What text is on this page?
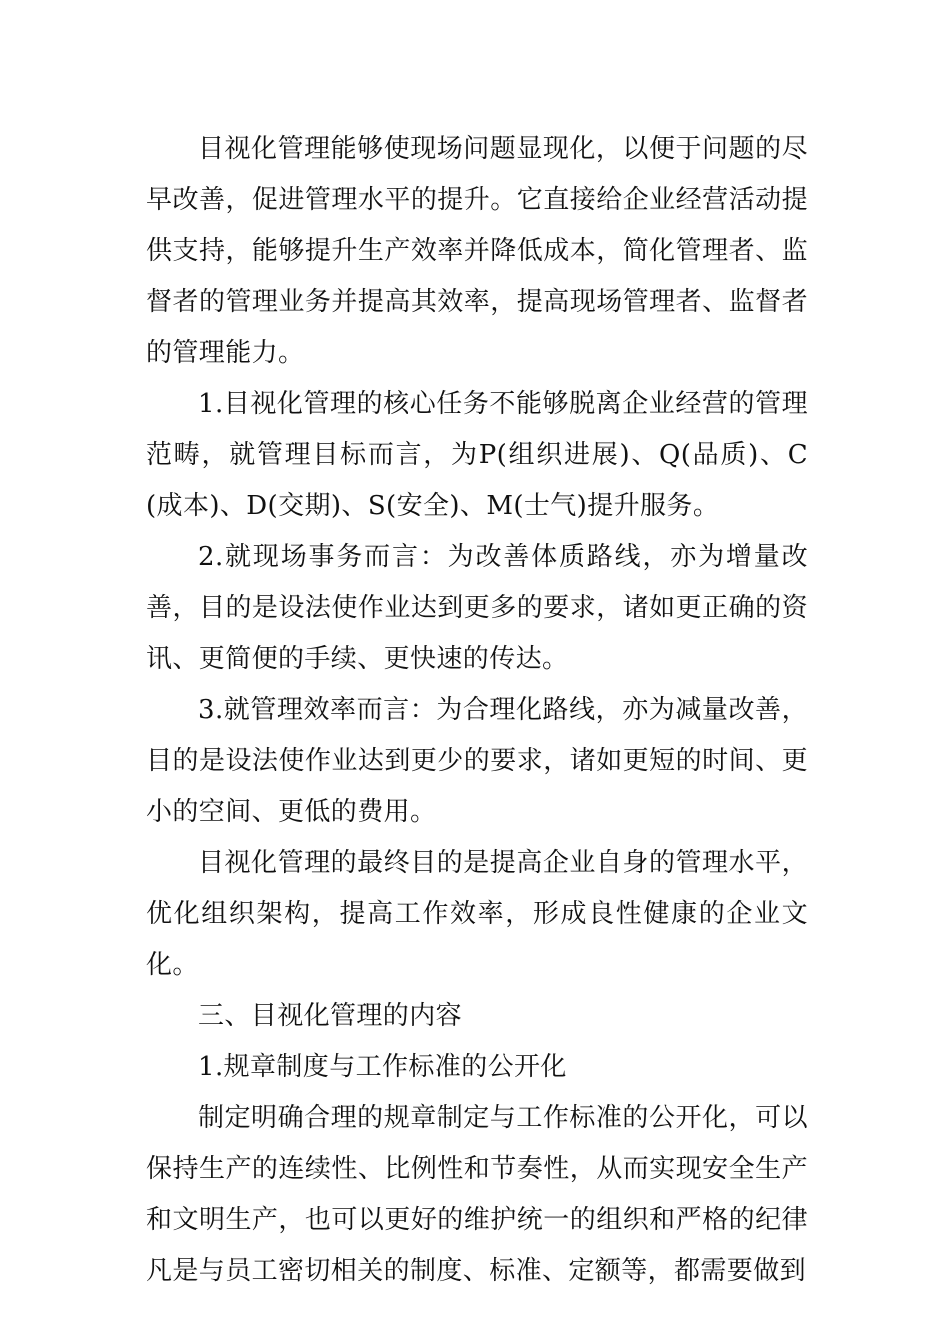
目视化管理能够使现场问题显现化，以便于问题的尽早改善，促进管理水平的提升。它直接给企业经营活动提供支持，能够提升生产效率并降低成本，简化管理者、监督者的管理业务并提高其效率，提高现场管理者、监督者的管理能力。

1.目视化管理的核心任务不能够脱离企业经营的管理范畴，就管理目标而言，为P(组织进展)、Q(品质)、C(成本)、D(交期)、S(安全)、M(士气)提升服务。

2.就现场事务而言：为改善体质路线，亦为增量改善，目的是设法使作业达到更多的要求，诸如更正确的资讯、更简便的手续、更快速的传达。

3.就管理效率而言：为合理化路线，亦为减量改善，目的是设法使作业达到更少的要求，诸如更短的时间、更小的空间、更低的费用。

目视化管理的最终目的是提高企业自身的管理水平，优化组织架构，提高工作效率，形成良性健康的企业文化。

三、目视化管理的内容

1.规章制度与工作标准的公开化

制定明确合理的规章制定与工作标准的公开化，可以保持生产的连续性、比例性和节奏性，从而实现安全生产和文明生产，也可以更好的维护统一的组织和严格的纪律凡是与员工密切相关的制度、标准、定额等，都需要做到
